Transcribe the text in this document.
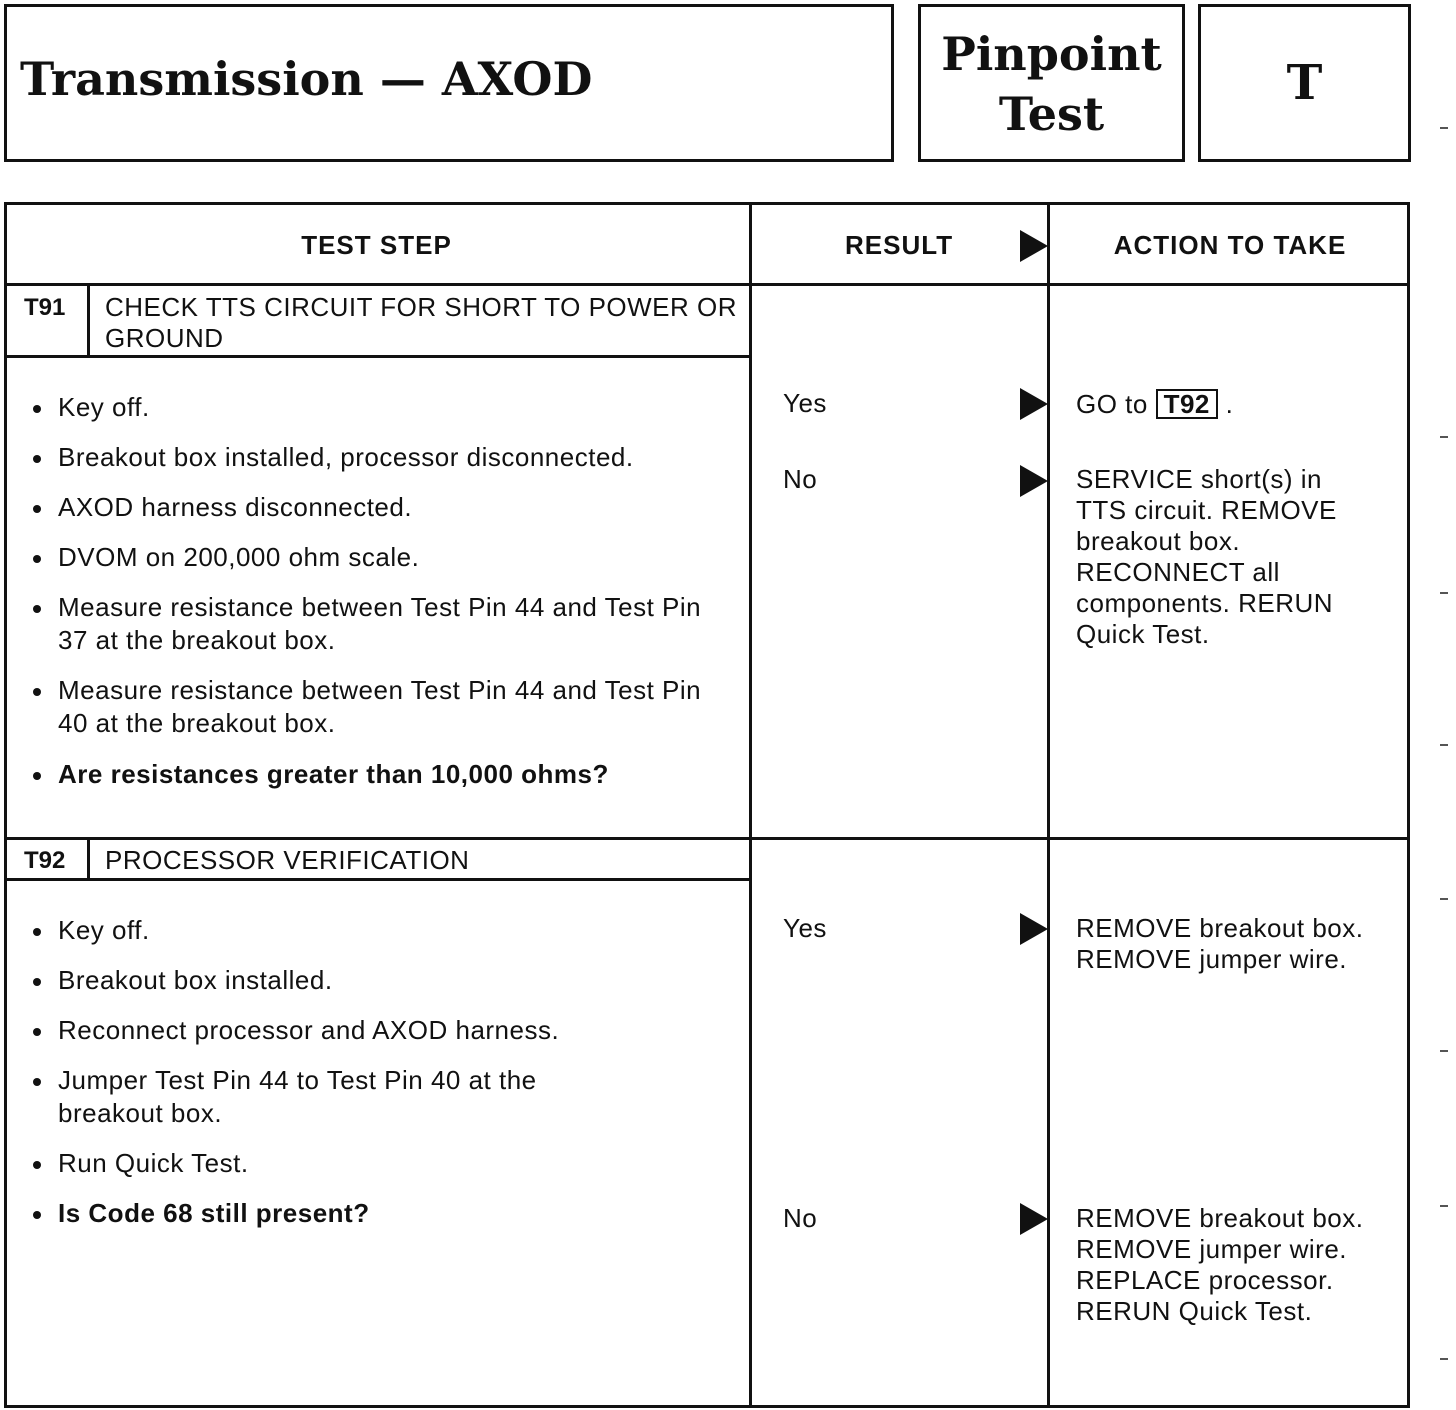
Transmission — AXOD	Pinpoint
Test
T
TEST STEP	RESULT	ACTION TO TAKE
T91 CHECK TTS CIRCUIT FOR SHORT TO POWER OR GROUND
Key off.
Breakout box installed, processor disconnected.
AXOD harness disconnected.
DVOM on 200,000 ohm scale.
Measure resistance between Test Pin 44 and Test Pin 37 at the breakout box.
Measure resistance between Test Pin 44 and Test Pin 40 at the breakout box.
Are resistances greater than 10,000 ohms?
Yes	GO to T92 .
No	SERVICE short(s) in TTS circuit. REMOVE breakout box. RECONNECT all components. RERUN Quick Test.
T92 PROCESSOR VERIFICATION
Key off.
Breakout box installed.
Reconnect processor and AXOD harness.
Jumper Test Pin 44 to Test Pin 40 at the breakout box.
Run Quick Test.
Is Code 68 still present?
Yes	REMOVE breakout box. REMOVE jumper wire.
No	REMOVE breakout box. REMOVE jumper wire. REPLACE processor. RERUN Quick Test.
